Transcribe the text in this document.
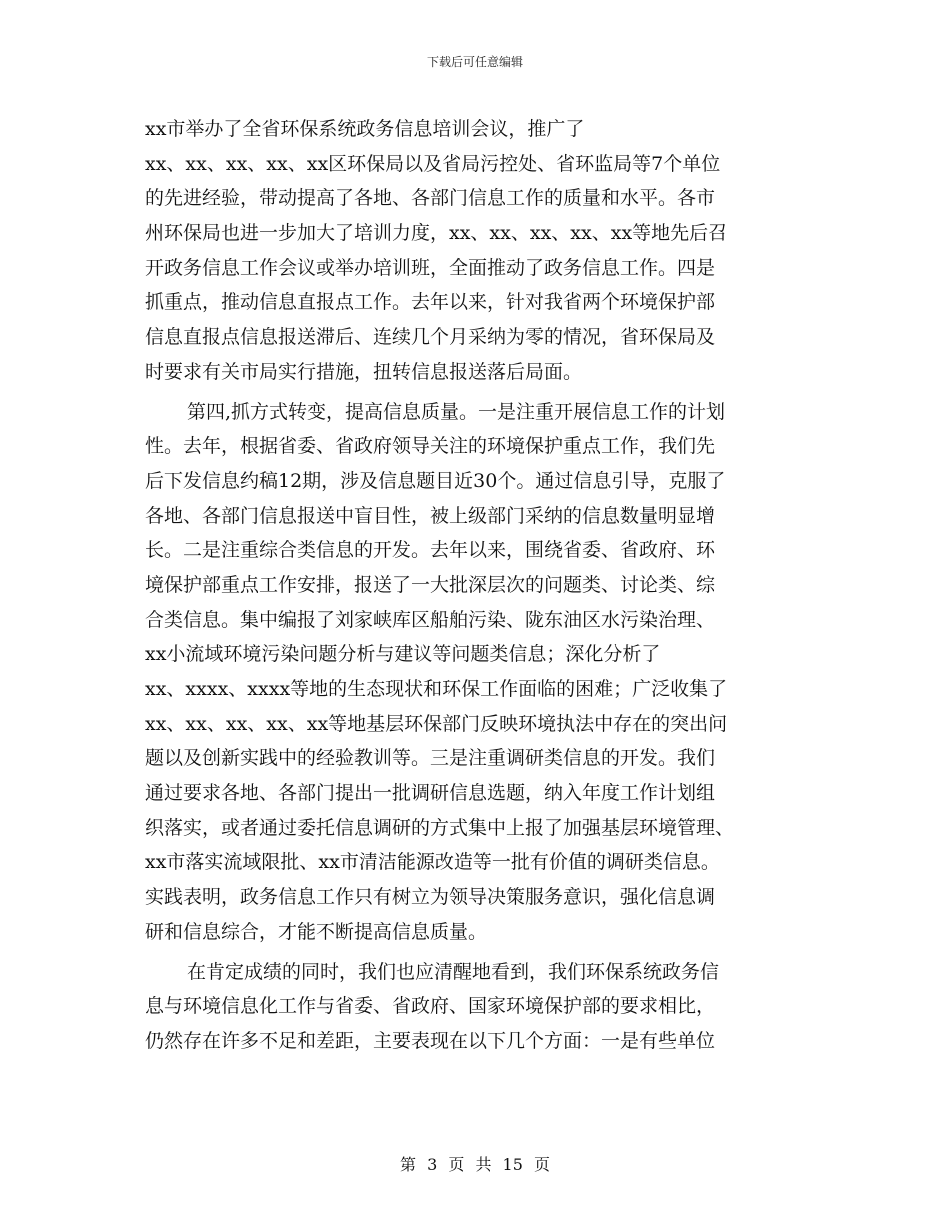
下载后可任意编辑
xx市举办了全省环保系统政务信息培训会议，推广了
xx、xx、xx、xx、xx区环保局以及省局污控处、省环监局等7个单位
的先进经验，带动提高了各地、各部门信息工作的质量和水平。各市
州环保局也进一步加大了培训力度，xx、xx、xx、xx、xx等地先后召
开政务信息工作会议或举办培训班，全面推动了政务信息工作。四是
抓重点，推动信息直报点工作。去年以来，针对我省两个环境保护部
信息直报点信息报送滞后、连续几个月采纳为零的情况，省环保局及
时要求有关市局实行措施，扭转信息报送落后局面。
第四,抓方式转变，提高信息质量。一是注重开展信息工作的计划
性。去年，根据省委、省政府领导关注的环境保护重点工作，我们先
后下发信息约稿12期，涉及信息题目近30个。通过信息引导，克服了
各地、各部门信息报送中盲目性，被上级部门采纳的信息数量明显增
长。二是注重综合类信息的开发。去年以来，围绕省委、省政府、环
境保护部重点工作安排，报送了一大批深层次的问题类、讨论类、综
合类信息。集中编报了刘家峡库区船舶污染、陇东油区水污染治理、
xx小流域环境污染问题分析与建议等问题类信息；深化分析了
xx、xxxx、xxxx等地的生态现状和环保工作面临的困难；广泛收集了
xx、xx、xx、xx、xx等地基层环保部门反映环境执法中存在的突出问
题以及创新实践中的经验教训等。三是注重调研类信息的开发。我们
通过要求各地、各部门提出一批调研信息选题，纳入年度工作计划组
织落实，或者通过委托信息调研的方式集中上报了加强基层环境管理、
xx市落实流域限批、xx市清洁能源改造等一批有价值的调研类信息。
实践表明，政务信息工作只有树立为领导决策服务意识，强化信息调
研和信息综合，才能不断提高信息质量。
在肯定成绩的同时，我们也应清醒地看到，我们环保系统政务信
息与环境信息化工作与省委、省政府、国家环境保护部的要求相比，
仍然存在许多不足和差距，主要表现在以下几个方面：一是有些单位
第 3 页 共 15 页
